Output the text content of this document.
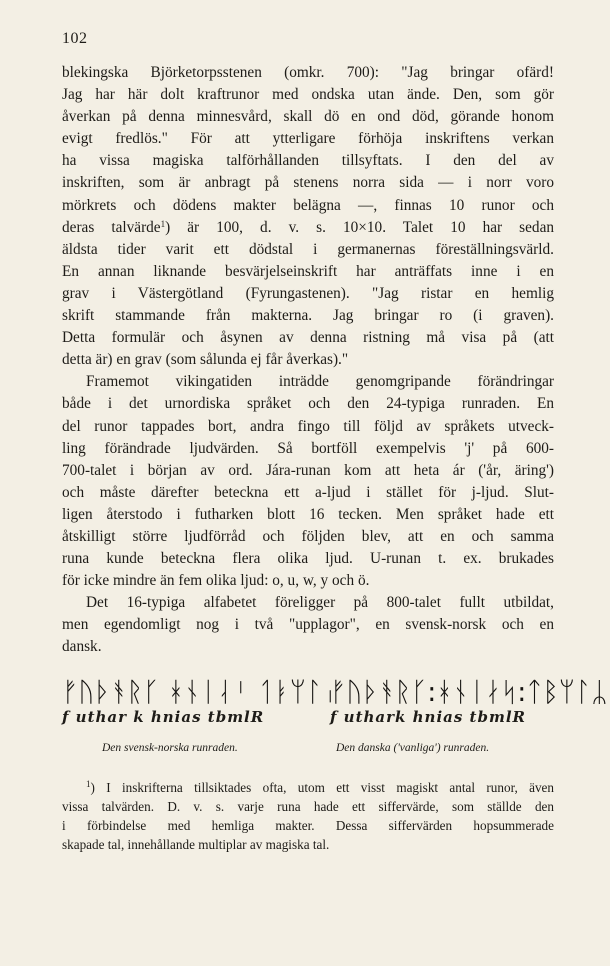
102
blekingska Björketorpsstenen (omkr. 700): "Jag bringar ofärd!
Jag har här dolt kraftrunor med ondska utan ände. Den, som gör
åverkan på denna minnesvård, skall dö en ond död, görande honom
evigt fredlös." För att ytterligare förhöja inskriftens verkan
ha vissa magiska talförhållanden tillsyftats. I den del av
inskriften, som är anbragt på stenens norra sida — i norr voro
mörkrets och dödens makter belägna —, finnas 10 runor och
deras talvärde$^1$) är 100, d. v. s. 10×10. Talet 10 har sedan
äldsta tider varit ett dödstal i germanernas föreställningsvärld.
En annan liknande besvärjelseinskrift har anträffats inne i en
grav i Västergötland (Fyrungastenen). "Jag ristar en hemlig
skrift stammande från makterna. Jag bringar ro (i graven).
Detta formulär och åsynen av denna ristning må visa på (att
detta är) en grav (som sålunda ej får åverkas)."
Framemot vikingatiden inträdde genomgripande förändringar
både i det urnordiska språket och den 24-typiga runraden. En
del runor tappades bort, andra fingo till följd av språkets utveck-
ling förändrade ljudvärden. Så bortföll exempelvis 'j' på 600-
700-talet i början av ord. Jára-runan kom att heta ár ('år, äring')
och måste därefter beteckna ett a-ljud i stället för j-ljud. Slut-
ligen återstodo i futharken blott 16 tecken. Men språket hade ett
åtskilligt större ljudförråd och följden blev, att en och samma
runa kunde beteckna flera olika ljud. U-runan t. ex. brukades
för icke mindre än fem olika ljud: o, u, w, y och ö.
Det 16-typiga alfabetet föreligger på 800-talet fullt utbildat,
men egendomligt nog i två "upplagor", en svensk-norsk och en
dansk.
ᚠᚢᚦᚬᚱᚴ ᚼᚾᛁᛆᛌ ᛐᛓᛘᛚᛧ
f uthar k hnias tbmlR
ᚠᚢᚦᚬᚱᚴ:ᚼᚾᛁᛅᛋ:ᛏᛒᛘᛚᛦ
f uthark hnias tbmlR
Den svensk-norska runraden.	Den danska ('vanliga') runraden.
$^1$) I inskrifterna tillsiktades ofta, utom ett visst magiskt antal runor, även
vissa talvärden. D. v. s. varje runa hade ett siffervärde, som ställde den
i förbindelse med hemliga makter. Dessa siffervärden hopsummerade
skapade tal, innehållande multiplar av magiska tal.
